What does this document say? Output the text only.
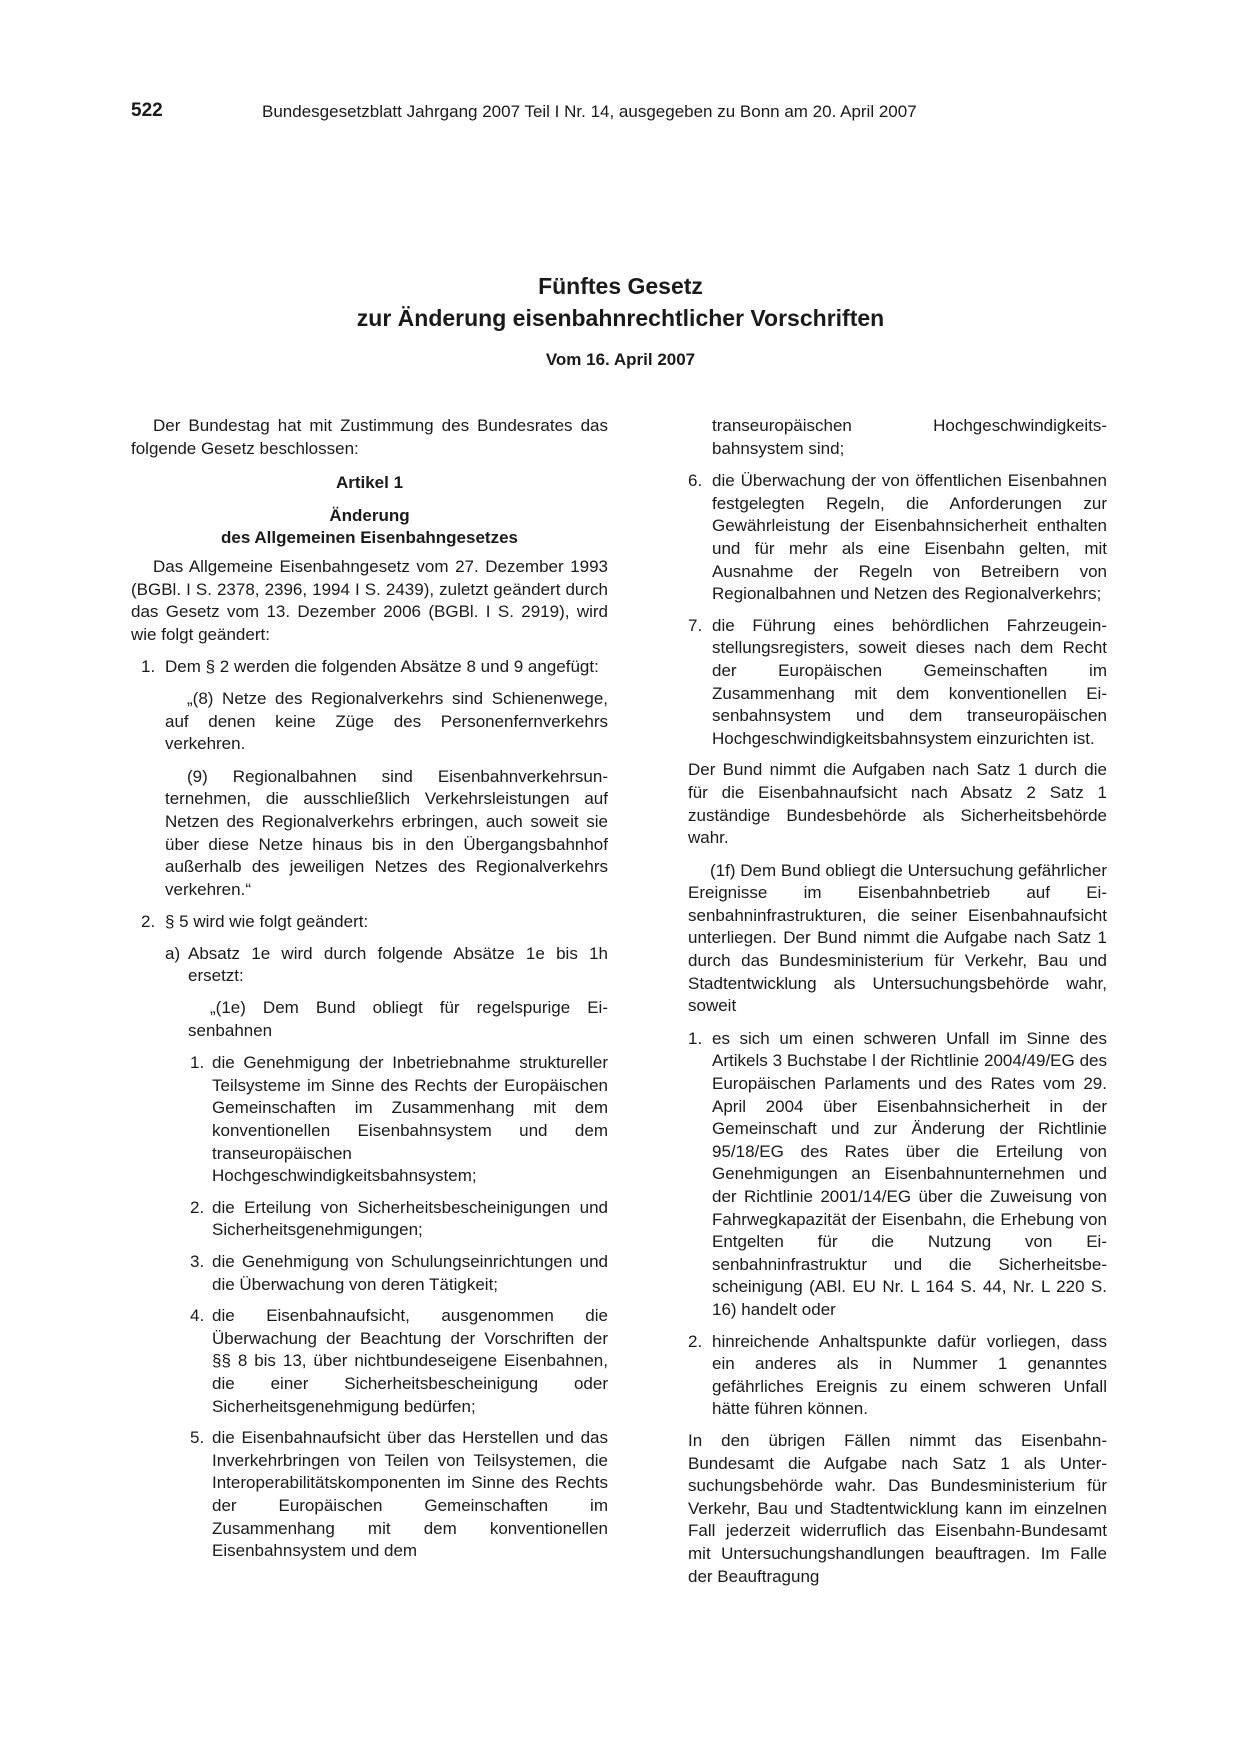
522	Bundesgesetzblatt Jahrgang 2007 Teil I Nr. 14, ausgegeben zu Bonn am 20. April 2007
Fünftes Gesetz
zur Änderung eisenbahnrechtlicher Vorschriften
Vom 16. April 2007

Der Bundestag hat mit Zustimmung des Bundesrates das folgende Gesetz beschlossen:

Artikel 1
Änderung
des Allgemeinen Eisenbahngesetzes

Das Allgemeine Eisenbahngesetz vom 27. Dezember 1993 (BGBl. I S. 2378, 2396, 1994 I S. 2439), zuletzt geändert durch das Gesetz vom 13. Dezember 2006 (BGBl. I S. 2919), wird wie folgt geändert:

1. Dem § 2 werden die folgenden Absätze 8 und 9 angefügt:

„(8) Netze des Regionalverkehrs sind Schienenwege, auf denen keine Züge des Personenfernverkehrs verkehren.

(9) Regionalbahnen sind Eisenbahnverkehrsunternehmen, die ausschließlich Verkehrsleistungen auf Netzen des Regionalverkehrs erbringen, auch soweit sie über diese Netze hinaus bis in den Übergangsbahnhof außerhalb des jeweiligen Netzes des Regionalverkehrs verkehren.“

2. § 5 wird wie folgt geändert:
a) Absatz 1e wird durch folgende Absätze 1e bis 1h ersetzt:

„(1e) Dem Bund obliegt für regelspurige Eisenbahnen

1. die Genehmigung der Inbetriebnahme struktureller Teilsysteme im Sinne des Rechts der Europäischen Gemeinschaften im Zusammenhang mit dem konventionellen Eisenbahnsystem und dem transeuropäischen Hochgeschwindigkeitsbahnsystem;
2. die Erteilung von Sicherheitsbescheinigungen und Sicherheitsgenehmigungen;
3. die Genehmigung von Schulungseinrichtungen und die Überwachung von deren Tätigkeit;
4. die Eisenbahnaufsicht, ausgenommen die Überwachung der Beachtung der Vorschriften der §§ 8 bis 13, über nichtbundeseigene Eisenbahnen, die einer Sicherheitsbescheinigung oder Sicherheitsgenehmigung bedürfen;
5. die Eisenbahnaufsicht über das Herstellen und das Inverkehrbringen von Teilen von Teilsystemen, die Interoperabilitätskomponenten im Sinne des Rechts der Europäischen Gemeinschaften im Zusammenhang mit dem konventionellen Eisenbahnsystem und dem

transeuropäischen Hochgeschwindigkeitsbahnsystem sind;

6. die Überwachung der von öffentlichen Eisenbahnen festgelegten Regeln, die Anforderungen zur Gewährleistung der Eisenbahnsicherheit enthalten und für mehr als eine Eisenbahn gelten, mit Ausnahme der Regeln von Betreibern von Regionalbahnen und Netzen des Regionalverkehrs;
7. die Führung eines behördlichen Fahrzeugeinstellungsregisters, soweit dieses nach dem Recht der Europäischen Gemeinschaften im Zusammenhang mit dem konventionellen Eisenbahnsystem und dem transeuropäischen Hochgeschwindigkeitsbahnsystem einzurichten ist.

Der Bund nimmt die Aufgaben nach Satz 1 durch die für die Eisenbahnaufsicht nach Absatz 2 Satz 1 zuständige Bundesbehörde als Sicherheitsbehörde wahr.

(1f) Dem Bund obliegt die Untersuchung gefährlicher Ereignisse im Eisenbahnbetrieb auf Eisenbahninfrastrukturen, die seiner Eisenbahnaufsicht unterliegen. Der Bund nimmt die Aufgabe nach Satz 1 durch das Bundesministerium für Verkehr, Bau und Stadtentwicklung als Untersuchungsbehörde wahr, soweit

1. es sich um einen schweren Unfall im Sinne des Artikels 3 Buchstabe l der Richtlinie 2004/49/EG des Europäischen Parlaments und des Rates vom 29. April 2004 über Eisenbahnsicherheit in der Gemeinschaft und zur Änderung der Richtlinie 95/18/EG des Rates über die Erteilung von Genehmigungen an Eisenbahnunternehmen und der Richtlinie 2001/14/EG über die Zuweisung von Fahrwegkapazität der Eisenbahn, die Erhebung von Entgelten für die Nutzung von Eisenbahninfrastruktur und die Sicherheitsbescheinigung (ABl. EU Nr. L 164 S. 44, Nr. L 220 S. 16) handelt oder
2. hinreichende Anhaltspunkte dafür vorliegen, dass ein anderes als in Nummer 1 genanntes gefährliches Ereignis zu einem schweren Unfall hätte führen können.

In den übrigen Fällen nimmt das Eisenbahn-Bundesamt die Aufgabe nach Satz 1 als Untersuchungsbehörde wahr. Das Bundesministerium für Verkehr, Bau und Stadtentwicklung kann im einzelnen Fall jederzeit widerruflich das Eisenbahn-Bundesamt mit Untersuchungshandlungen beauftragen. Im Falle der Beauftragung
